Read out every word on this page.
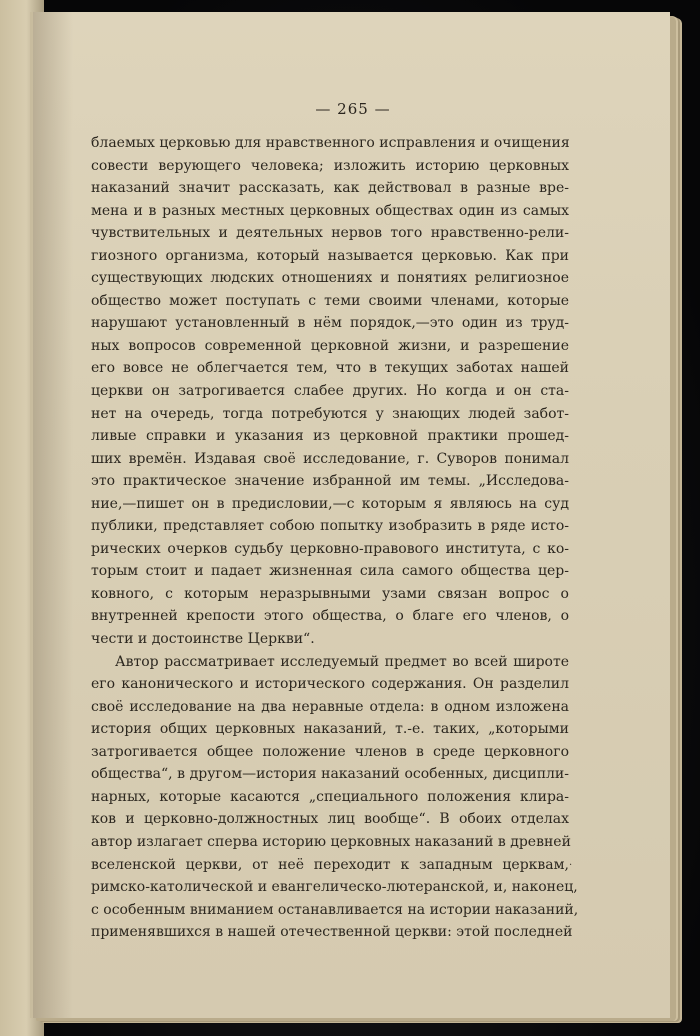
— 265 —
блаемых церковью для нравственного исправления и очищения
совести верующего человека; изложить историю церковных
наказаний значит рассказать, как действовал в разные вре-
мена и в разных местных церковных обществах один из самых
чувствительных и деятельных нервов того нравственно-рели-
гиозного организма, который называется церковью. Как при
существующих людских отношениях и понятиях религиозное
общество может поступать с теми своими членами, которые
нарушают установленный в нём порядок,—это один из труд-
ных вопросов современной церковной жизни, и разрешение
его вовсе не облегчается тем, что в текущих заботах нашей
церкви он затрогивается слабее других. Но когда и он ста-
нет на очередь, тогда потребуются у знающих людей забот-
ливые справки и указания из церковной практики прошед-
ших времён. Издавая своё исследование, г. Суворов понимал
это практическое значение избранной им темы. „Исследова-
ние,—пишет он в предисловии,—с которым я являюсь на суд
публики, представляет собою попытку изобразить в ряде исто-
рических очерков судьбу церковно-правового института, с ко-
торым стоит и падает жизненная сила самого общества цер-
ковного, с которым неразрывными узами связан вопрос о
внутренней крепости этого общества, о благе его членов, о
чести и достоинстве Церкви“.
Автор рассматривает исследуемый предмет во всей широте
его канонического и исторического содержания. Он разделил
своё исследование на два неравные отдела: в одном изложена
история общих церковных наказаний, т.-е. таких, „которыми
затрогивается общее положение членов в среде церковного
общества“, в другом—история наказаний особенных, дисципли-
нарных, которые касаются „специального положения клира-
ков и церковно-должностных лиц вообще“. В обоих отделах
автор излагает сперва историю церковных наказаний в древней
вселенской церкви, от неё переходит к западным церквам,
римско-католической и евангелическо-лютеранской, и, наконец,
с особенным вниманием останавливается на истории наказаний,
применявшихся в нашей отечественной церкви: этой последней
·
